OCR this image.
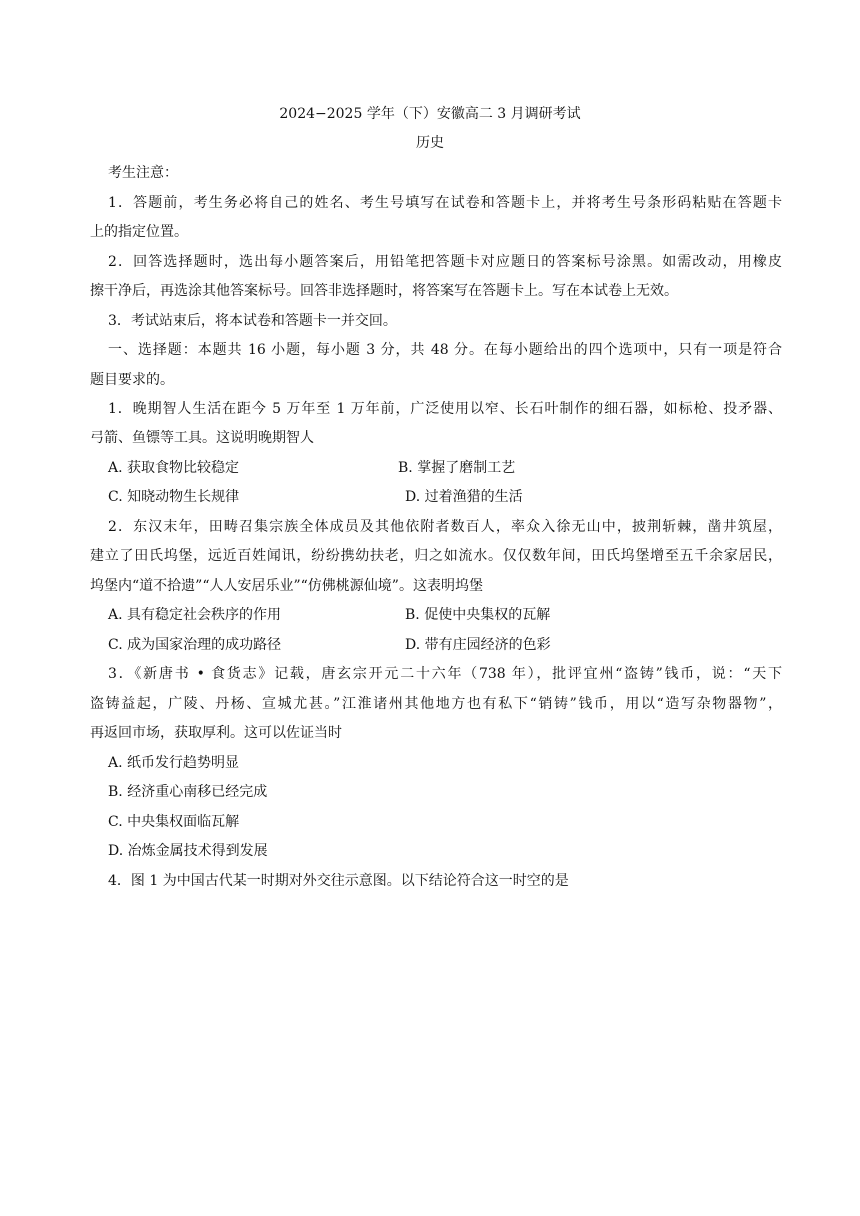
2024−2025 学年（下）安徽高二 3 月调研考试
历史
考生注意：
1．答题前，考生务必将自己的姓名、考生号填写在试卷和答题卡上，并将考生号条形码粘贴在答题卡
上的指定位置。
2．回答选择题时，选出每小题答案后，用铅笔把答题卡对应题日的答案标号涂黑。如需改动，用橡皮
擦干净后，再选涂其他答案标号。回答非选择题时，将答案写在答题卡上。写在本试卷上无效。
3．考试站束后，将本试卷和答题卡一并交回。
一、选择题：本题共 16 小题，每小题 3 分，共 48 分。在每小题给出的四个选项中，只有一项是符合
题目要求的。
1．晚期智人生活在距今 5 万年至 1 万年前，广泛使用以窄、长石叶制作的细石器，如标枪、投矛器、
弓箭、鱼镖等工具。这说明晚期智人
A. 获取食物比较稳定	B. 掌握了磨制工艺
C. 知晓动物生长规律	D. 过着渔猎的生活
2．东汉末年，田畴召集宗族全体成员及其他依附者数百人，率众入徐无山中，披荆斩棘，凿井筑屋，
建立了田氏坞堡，远近百姓闻讯，纷纷携幼扶老，归之如流水。仅仅数年间，田氏坞堡增至五千余家居民，
坞堡内“道不拾遗”“人人安居乐业”“仿佛桃源仙境”。这表明坞堡
A. 具有稳定社会秩序的作用	B. 促使中央集权的瓦解
C. 成为国家治理的成功路径	D. 带有庄园经济的色彩
3．《新唐书 • 食货志》记载，唐玄宗开元二十六年（738 年），批评宜州“盗铸”钱币，说：“天下
盗铸益起，广陵、丹杨、宣城尤甚。”江淮诸州其他地方也有私下“销铸”钱币，用以“造写杂物器物”，
再返回市场，获取厚利。这可以佐证当时
A. 纸币发行趋势明显
B. 经济重心南移已经完成
C. 中央集权面临瓦解
D. 冶炼金属技术得到发展
4．图 1 为中国古代某一时期对外交往示意图。以下结论符合这一时空的是
